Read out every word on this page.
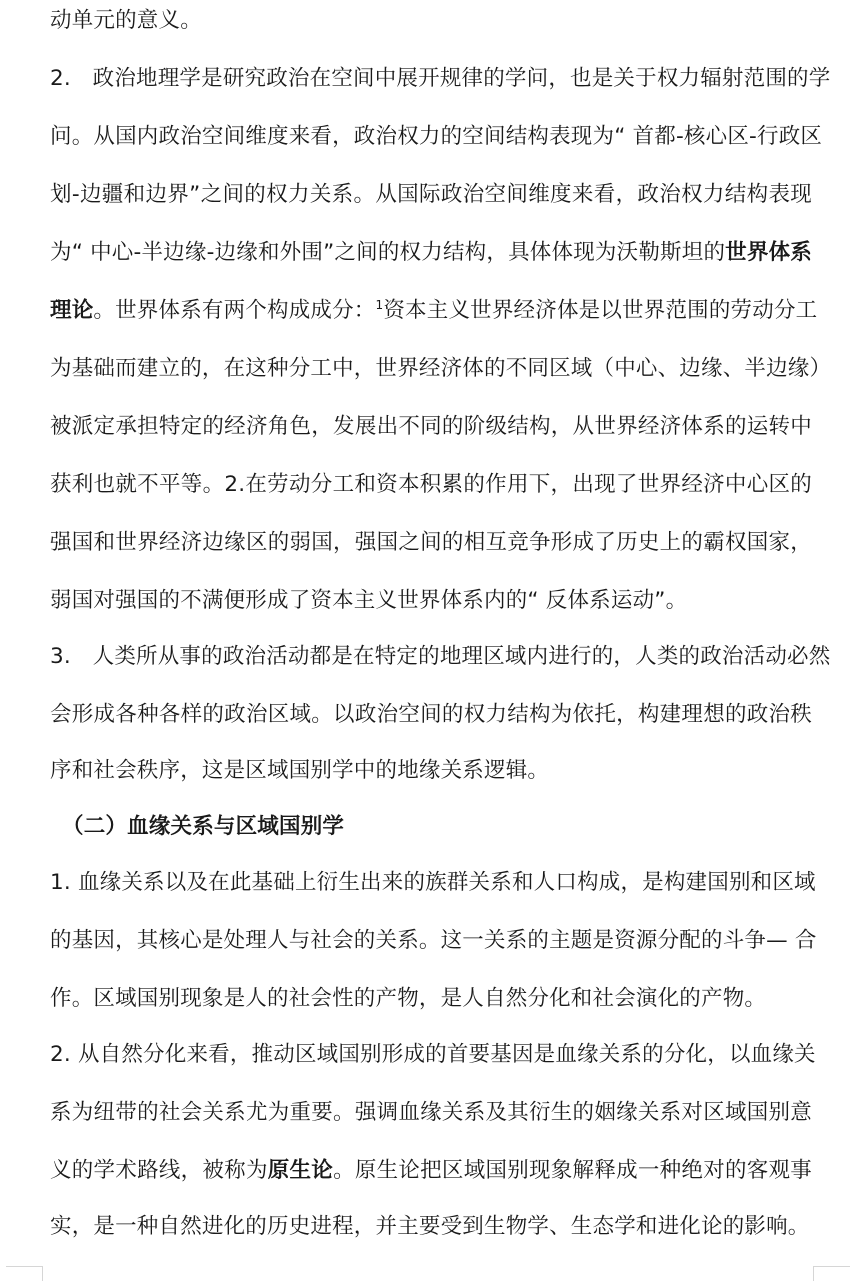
动单元的意义。
2.　政治地理学是研究政治在空间中展开规律的学问，也是关于权力辐射范围的学
问。从国内政治空间维度来看，政治权力的空间结构表现为“ 首都-核心区-行政区
划-边疆和边界”之间的权力关系。从国际政治空间维度来看，政治权力结构表现
为“ 中心-半边缘-边缘和外围”之间的权力结构，具体体现为沃勒斯坦的世界体系
理论。世界体系有两个构成成分：$^1$资本主义世界经济体是以世界范围的劳动分工
为基础而建立的，在这种分工中，世界经济体的不同区域（中心、边缘、半边缘）
被派定承担特定的经济角色，发展出不同的阶级结构，从世界经济体系的运转中
获利也就不平等。2.在劳动分工和资本积累的作用下，出现了世界经济中心区的
强国和世界经济边缘区的弱国，强国之间的相互竞争形成了历史上的霸权国家，
弱国对强国的不满便形成了资本主义世界体系内的“ 反体系运动”。
3.　人类所从事的政治活动都是在特定的地理区域内进行的，人类的政治活动必然
会形成各种各样的政治区域。以政治空间的权力结构为依托，构建理想的政治秩
序和社会秩序，这是区域国别学中的地缘关系逻辑。
（二）血缘关系与区域国别学
1. 血缘关系以及在此基础上衍生出来的族群关系和人口构成，是构建国别和区域
的基因，其核心是处理人与社会的关系。这一关系的主题是资源分配的斗争— 合
作。区域国别现象是人的社会性的产物，是人自然分化和社会演化的产物。
2. 从自然分化来看，推动区域国别形成的首要基因是血缘关系的分化，以血缘关
系为纽带的社会关系尤为重要。强调血缘关系及其衍生的姻缘关系对区域国别意
义的学术路线，被称为原生论。原生论把区域国别现象解释成一种绝对的客观事
实，是一种自然进化的历史进程，并主要受到生物学、生态学和进化论的影响。
